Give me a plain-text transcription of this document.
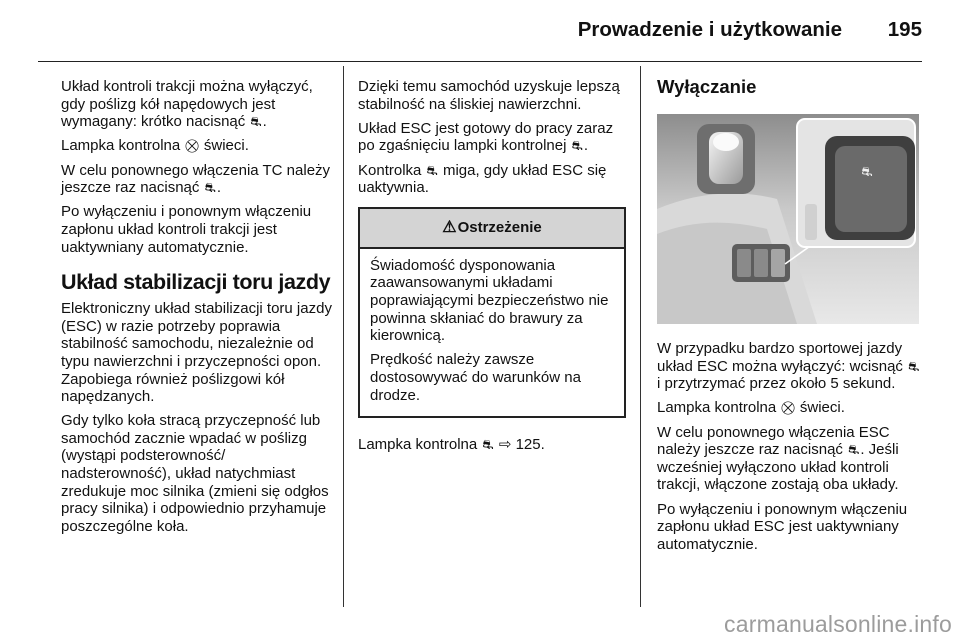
Prowadzenie i użytkowanie 195

Układ kontroli trakcji można wyłączyć, gdy poślizg kół napędowych jest wymagany: krótko nacisnąć ⛐.

Lampka kontrolna ⛒ świeci.

W celu ponownego włączenia TC należy jeszcze raz nacisnąć ⛐.

Po wyłączeniu i ponownym włączeniu zapłonu układ kontroli trakcji jest uaktywniany automatycznie.

Układ stabilizacji toru jazdy

Elektroniczny układ stabilizacji toru jazdy (ESC) w razie potrzeby poprawia stabilność samochodu, niezależnie od typu nawierzchni i przyczepności opon. Zapobiega również poślizgowi kół napędzanych.

Gdy tylko koła stracą przyczepność lub samochód zacznie wpadać w poślizg (wystąpi podsterowność/ nadsterowność), układ natychmiast zredukuje moc silnika (zmieni się odgłos pracy silnika) i odpowiednio przyhamuje poszczególne koła.

Dzięki temu samochód uzyskuje lepszą stabilność na śliskiej nawierzchni.

Układ ESC jest gotowy do pracy zaraz po zgaśnięciu lampki kontrolnej ⛐.

Kontrolka ⛐ miga, gdy układ ESC się uaktywnia.

⚠ Ostrzeżenie

Świadomość dysponowania zaawansowanymi układami poprawiającymi bezpieczeństwo nie powinna skłaniać do brawury za kierownicą.

Prędkość należy zawsze dostosowywać do warunków na drodze.

Lampka kontrolna ⛐ ⇨ 125.

Wyłączanie
⛐

W przypadku bardzo sportowej jazdy układ ESC można wyłączyć: wcisnąć ⛐ i przytrzymać przez około 5 sekund.

Lampka kontrolna ⛒ świeci.

W celu ponownego włączenia ESC należy jeszcze raz nacisnąć ⛐. Jeśli wcześniej wyłączono układ kontroli trakcji, włączone zostają oba układy.

Po wyłączeniu i ponownym włączeniu zapłonu układ ESC jest uaktywniany automatycznie.

carmanualsonline.info
